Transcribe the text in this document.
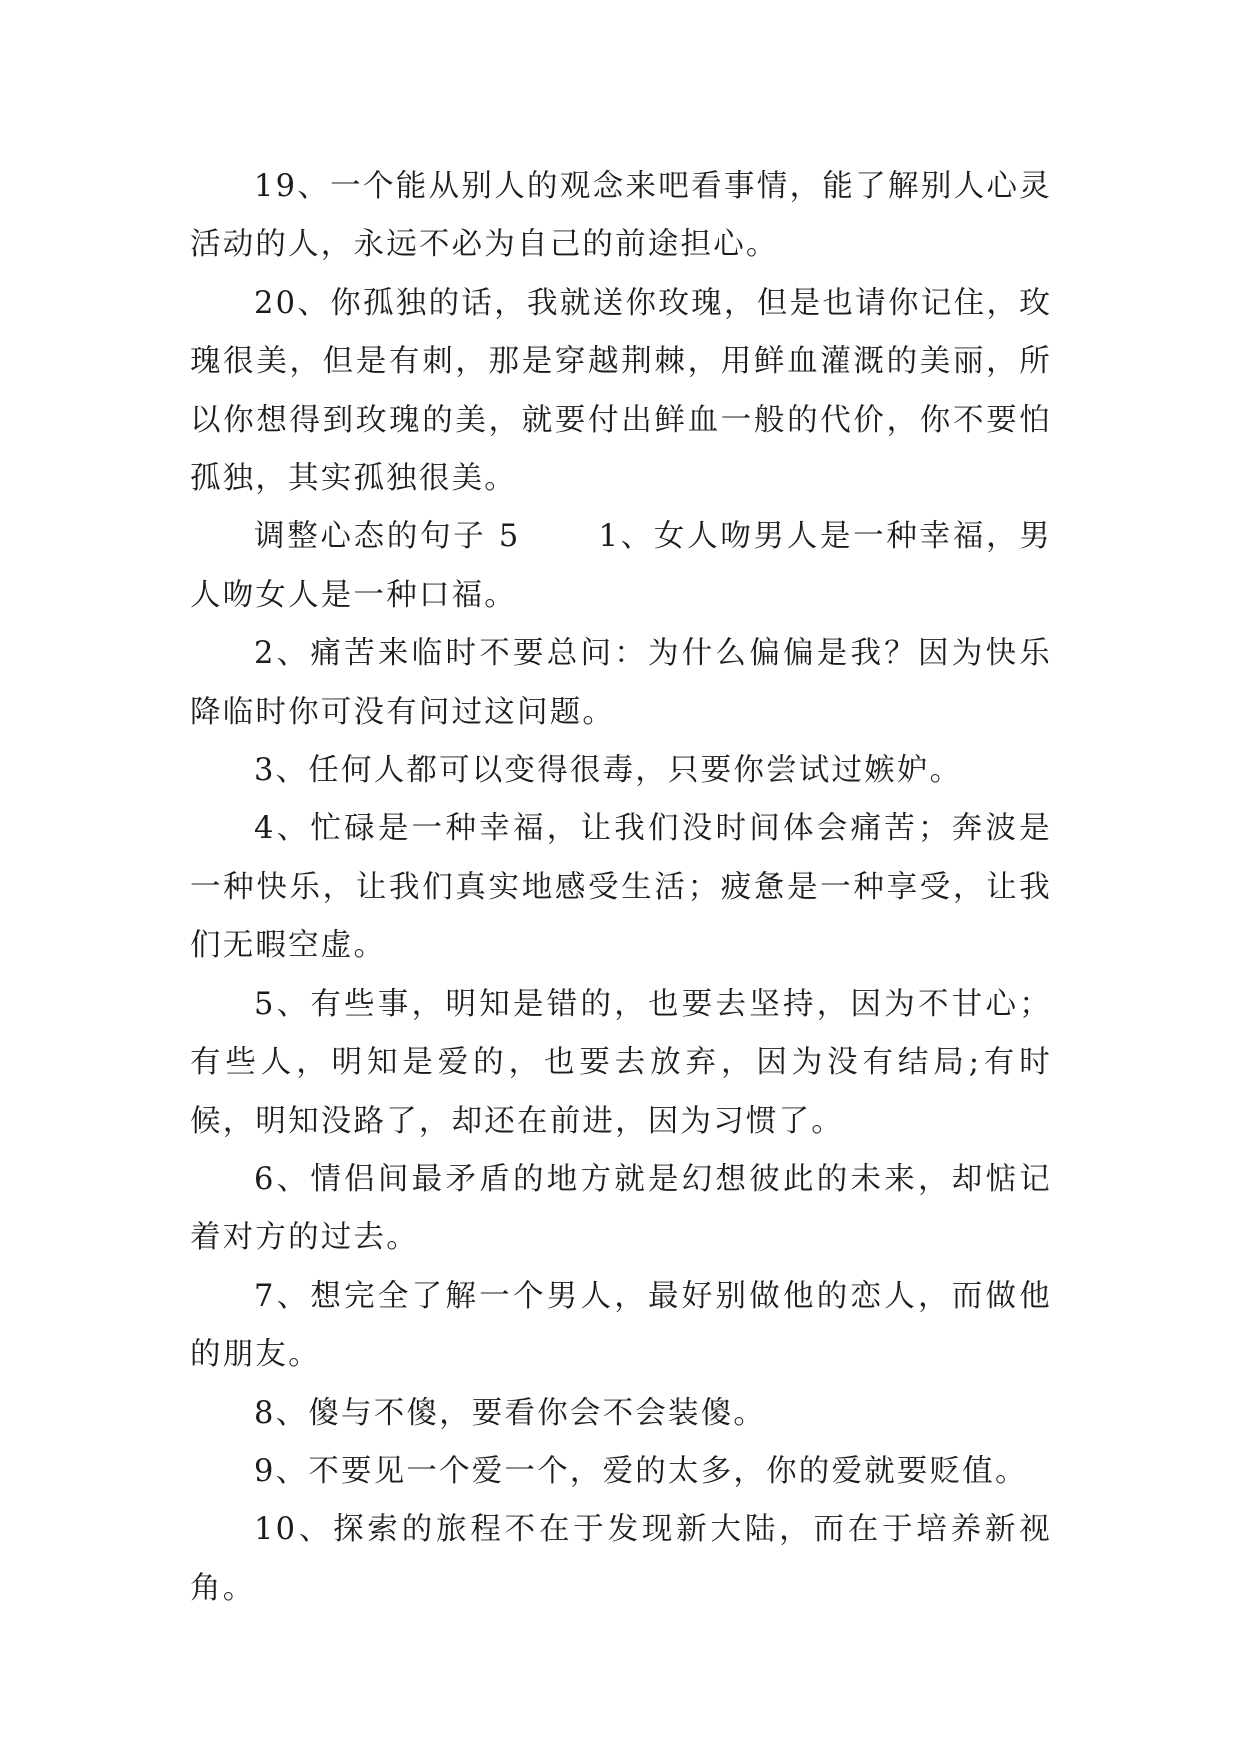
19、一个能从别人的观念来吧看事情，能了解别人心灵活动的人，永远不必为自己的前途担心。

20、你孤独的话，我就送你玫瑰，但是也请你记住，玫瑰很美，但是有刺，那是穿越荆棘，用鲜血灌溉的美丽，所以你想得到玫瑰的美，就要付出鲜血一般的代价，你不要怕孤独，其实孤独很美。

调整心态的句子 5	1、女人吻男人是一种幸福，男人吻女人是一种口福。

2、痛苦来临时不要总问：为什么偏偏是我？因为快乐降临时你可没有问过这问题。

3、任何人都可以变得很毒，只要你尝试过嫉妒。

4、忙碌是一种幸福，让我们没时间体会痛苦；奔波是一种快乐，让我们真实地感受生活；疲惫是一种享受，让我们无暇空虚。

5、有些事，明知是错的，也要去坚持，因为不甘心；有些人，明知是爱的，也要去放弃，因为没有结局;有时候，明知没路了，却还在前进，因为习惯了。

6、情侣间最矛盾的地方就是幻想彼此的未来，却惦记着对方的过去。

7、想完全了解一个男人，最好别做他的恋人，而做他的朋友。

8、傻与不傻，要看你会不会装傻。

9、不要见一个爱一个，爱的太多，你的爱就要贬值。

10、探索的旅程不在于发现新大陆，而在于培养新视角。
